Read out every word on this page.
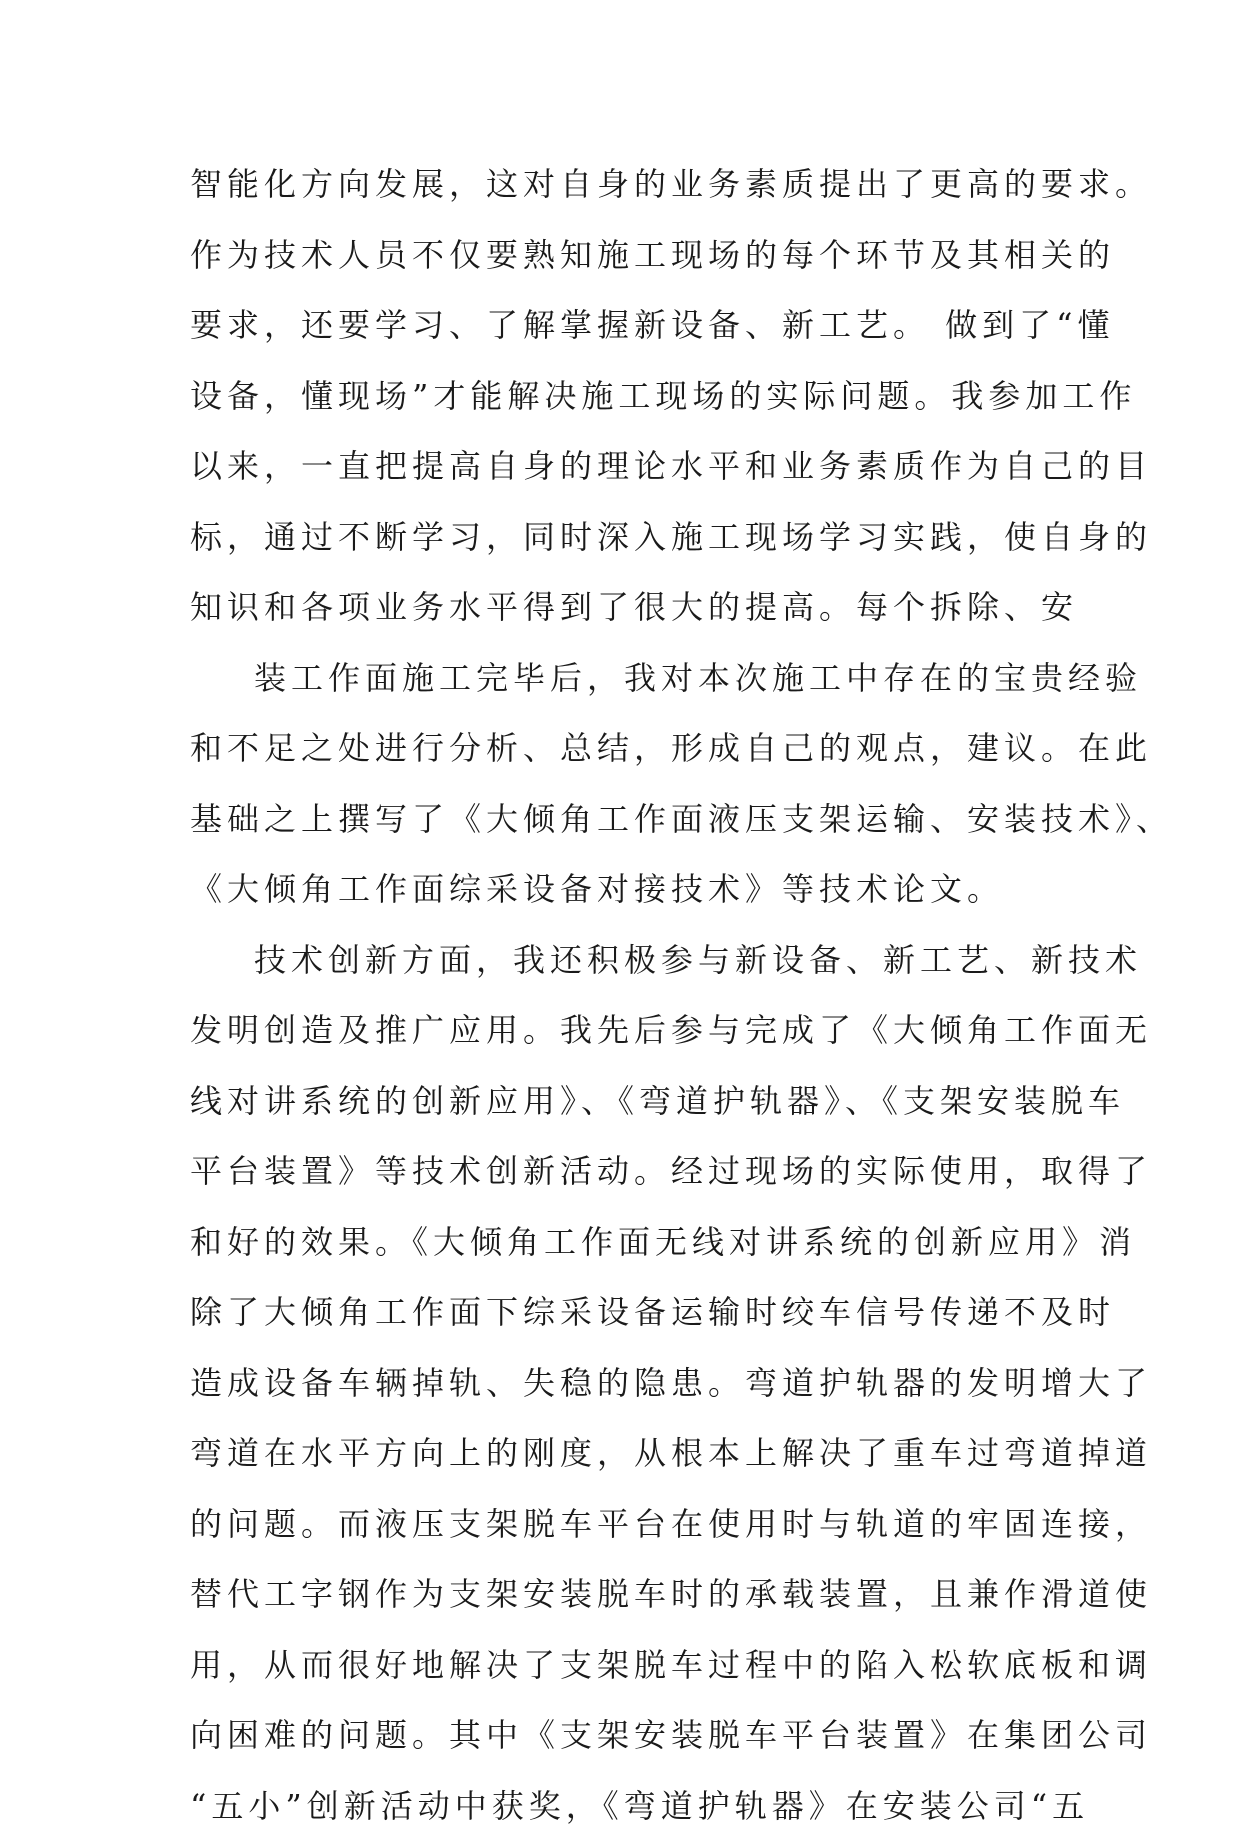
智能化方向发展，这对自身的业务素质提出了更高的要求。
作为技术人员不仅要熟知施工现场的每个环节及其相关的
要求，还要学习、了解掌握新设备、新工艺。 做到了“懂
设备，懂现场”才能解决施工现场的实际问题。我参加工作
以来，一直把提高自身的理论水平和业务素质作为自己的目
标，通过不断学习，同时深入施工现场学习实践，使自身的
知识和各项业务水平得到了很大的提高。每个拆除、安
装工作面施工完毕后，我对本次施工中存在的宝贵经验
和不足之处进行分析、总结，形成自己的观点，建议。在此
基础之上撰写了《大倾角工作面液压支架运输、安装技术》、
《大倾角工作面综采设备对接技术》等技术论文。
技术创新方面，我还积极参与新设备、新工艺、新技术
发明创造及推广应用。我先后参与完成了《大倾角工作面无
线对讲系统的创新应用》、《弯道护轨器》、《支架安装脱车
平台装置》等技术创新活动。经过现场的实际使用，取得了
和好的效果。《大倾角工作面无线对讲系统的创新应用》消
除了大倾角工作面下综采设备运输时绞车信号传递不及时
造成设备车辆掉轨、失稳的隐患。弯道护轨器的发明增大了
弯道在水平方向上的刚度，从根本上解决了重车过弯道掉道
的问题。而液压支架脱车平台在使用时与轨道的牢固连接，
替代工字钢作为支架安装脱车时的承载装置，且兼作滑道使
用，从而很好地解决了支架脱车过程中的陷入松软底板和调
向困难的问题。其中《支架安装脱车平台装置》在集团公司
“五小”创新活动中获奖，《弯道护轨器》在安装公司“五
